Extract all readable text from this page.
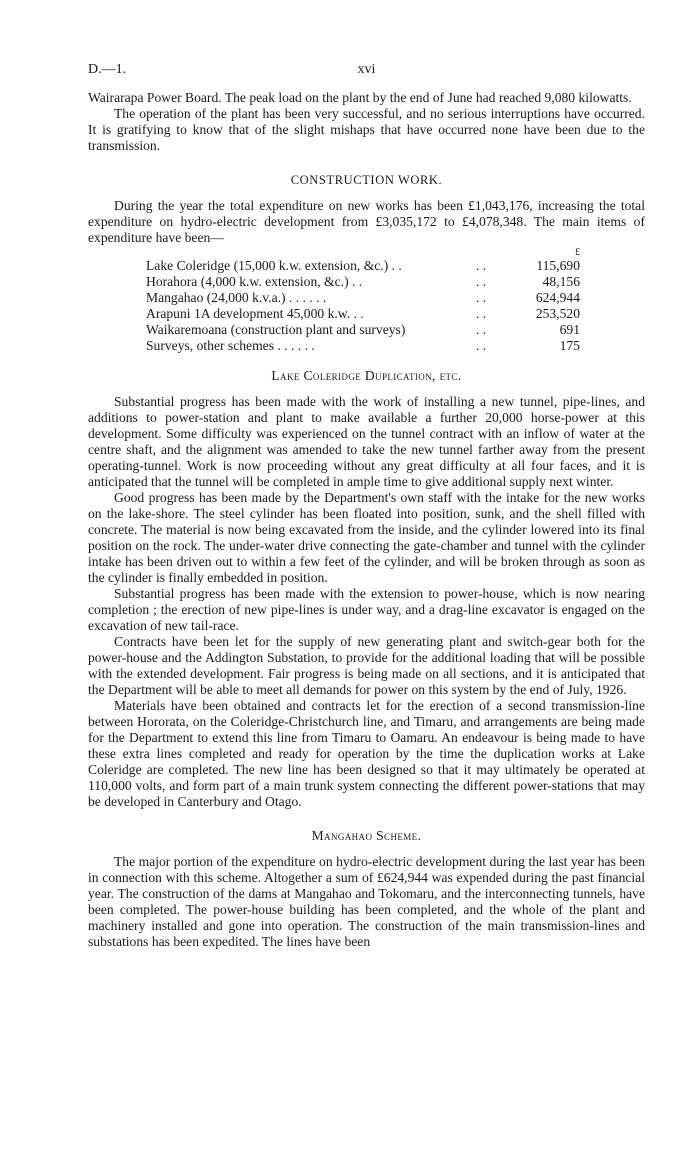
D.—1.	xvi

Wairarapa Power Board. The peak load on the plant by the end of June had reached 9,080 kilowatts.

The operation of the plant has been very successful, and no serious interruptions have occurred. It is gratifying to know that of the slight mishaps that have occurred none have been due to the transmission.

CONSTRUCTION WORK.

During the year the total expenditure on new works has been £1,043,176, increasing the total expenditure on hydro-electric development from £3,035,172 to £4,078,348. The main items of expenditure have been—

		£
Lake Coleridge (15,000 k.w. extension, &c.) . .	. .	115,690
Horahora (4,000 k.w. extension, &c.) . .	. .	48,156
Mangahao (24,000 k.v.a.) . . . . . .	. .	624,944
Arapuni 1A development 45,000 k.w. . .	. .	253,520
Waikaremoana (construction plant and surveys)	. .	691
Surveys, other schemes . . . . . .	. .	175
Lake Coleridge Duplication, etc.

Substantial progress has been made with the work of installing a new tunnel, pipe-lines, and additions to power-station and plant to make available a further 20,000 horse-power at this development. Some difficulty was experienced on the tunnel contract with an inflow of water at the centre shaft, and the alignment was amended to take the new tunnel farther away from the present operating-tunnel. Work is now proceeding without any great difficulty at all four faces, and it is anticipated that the tunnel will be completed in ample time to give additional supply next winter.

Good progress has been made by the Department's own staff with the intake for the new works on the lake-shore. The steel cylinder has been floated into position, sunk, and the shell filled with concrete. The material is now being excavated from the inside, and the cylinder lowered into its final position on the rock. The under-water drive connecting the gate-chamber and tunnel with the cylinder intake has been driven out to within a few feet of the cylinder, and will be broken through as soon as the cylinder is finally embedded in position.

Substantial progress has been made with the extension to power-house, which is now nearing completion ; the erection of new pipe-lines is under way, and a drag-line excavator is engaged on the excavation of new tail-race.

Contracts have been let for the supply of new generating plant and switch-gear both for the power-house and the Addington Substation, to provide for the additional loading that will be possible with the extended development. Fair progress is being made on all sections, and it is anticipated that the Department will be able to meet all demands for power on this system by the end of July, 1926.

Materials have been obtained and contracts let for the erection of a second transmission-line between Hororata, on the Coleridge-Christchurch line, and Timaru, and arrangements are being made for the Department to extend this line from Timaru to Oamaru. An endeavour is being made to have these extra lines completed and ready for operation by the time the duplication works at Lake Coleridge are completed. The new line has been designed so that it may ultimately be operated at 110,000 volts, and form part of a main trunk system connecting the different power-stations that may be developed in Canterbury and Otago.

Mangahao Scheme.

The major portion of the expenditure on hydro-electric development during the last year has been in connection with this scheme. Altogether a sum of £624,944 was expended during the past financial year. The construction of the dams at Mangahao and Tokomaru, and the interconnecting tunnels, have been completed. The power-house building has been completed, and the whole of the plant and machinery installed and gone into operation. The construction of the main transmission-lines and substations has been expedited. The lines have been
